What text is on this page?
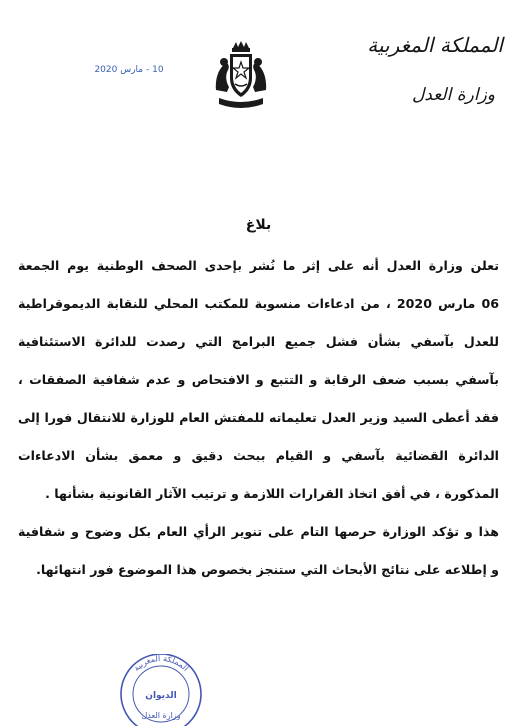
المملكة المغربية
وزارة العدل
10 - مارس 2020
بلاغ
تعلن وزارة العدل أنه على إثر ما نُشر بإحدى الصحف الوطنية يوم الجمعة
06 مارس 2020 ، من ادعاءات منسوبة للمكتب المحلي للنقابة الديموقراطية
للعدل بآسفي بشأن فشل جميع البرامج التي رصدت للدائرة الاستئنافية
بآسفي بسبب ضعف الرقابة و التتبع و الافتحاص و عدم شفافية الصفقات ،
فقد أعطى السيد وزير العدل تعليماته للمفتش العام للوزارة للانتقال فورا إلى
الدائرة القضائية بآسفي و القيام ببحث دقيق و معمق بشأن الادعاءات
المذكورة ، في أفق اتخاذ القرارات اللازمة و ترتيب الآثار القانونية بشأنها .
هذا و تؤكد الوزارة حرصها التام على تنوير الرأي العام بكل وضوح و شفافية
و إطلاعه على نتائج الأبحاث التي ستنجز بخصوص هذا الموضوع فور انتهائها.
المملكة المغربية
الديوان
وزارة العدل
